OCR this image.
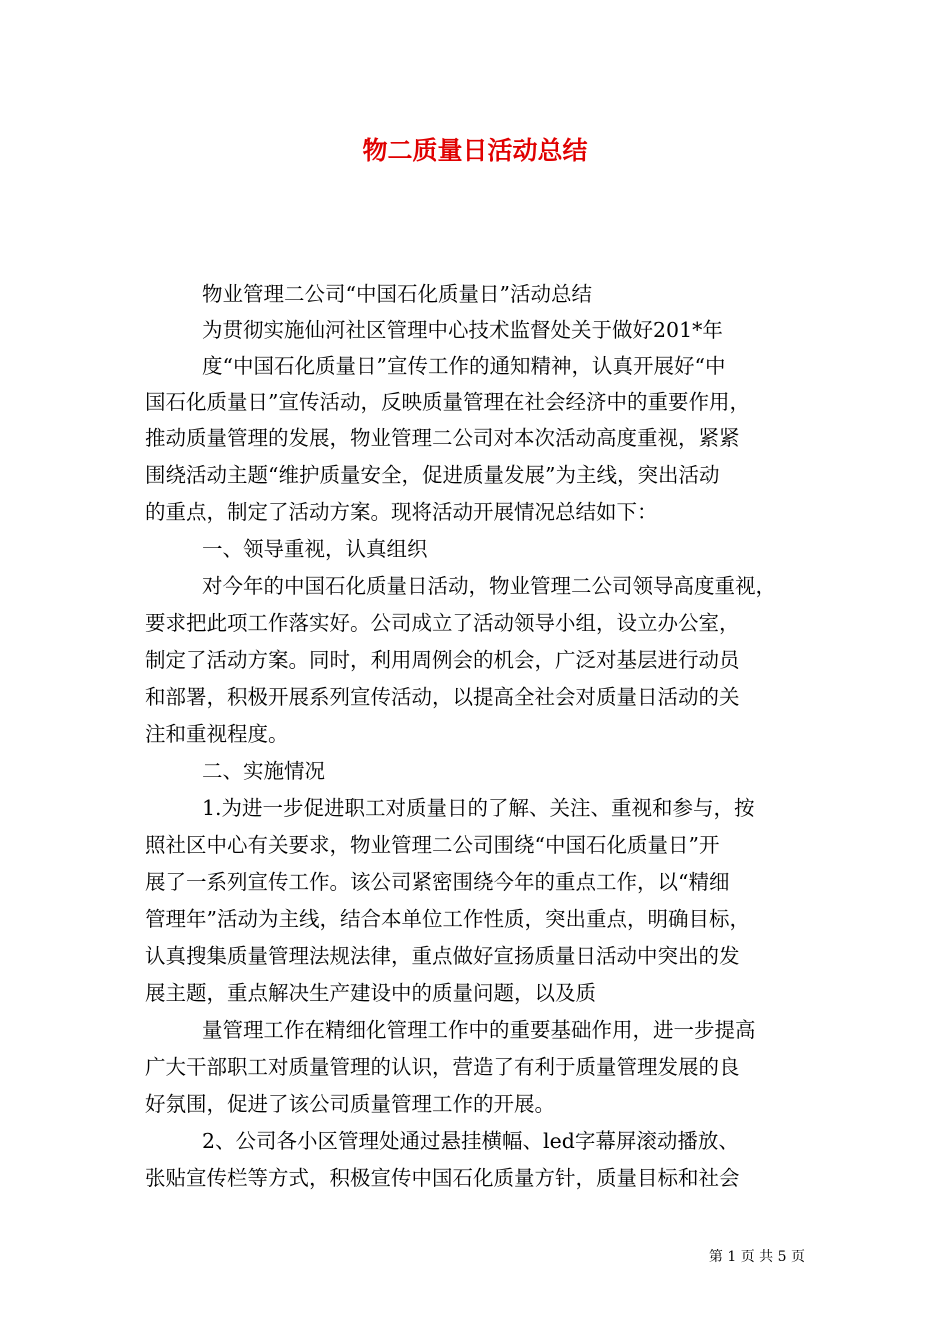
物二质量日活动总结
物业管理二公司“中国石化质量日”活动总结
为贯彻实施仙河社区管理中心技术监督处关于做好201*年
度“中国石化质量日”宣传工作的通知精神，认真开展好“中
国石化质量日”宣传活动，反映质量管理在社会经济中的重要作用，
推动质量管理的发展，物业管理二公司对本次活动高度重视，紧紧
围绕活动主题“维护质量安全，促进质量发展”为主线，突出活动
的重点，制定了活动方案。现将活动开展情况总结如下：
一、领导重视，认真组织
对今年的中国石化质量日活动，物业管理二公司领导高度重视，
要求把此项工作落实好。公司成立了活动领导小组，设立办公室，
制定了活动方案。同时，利用周例会的机会，广泛对基层进行动员
和部署，积极开展系列宣传活动，以提高全社会对质量日活动的关
注和重视程度。
二、实施情况
1.为进一步促进职工对质量日的了解、关注、重视和参与，按
照社区中心有关要求，物业管理二公司围绕“中国石化质量日”开
展了一系列宣传工作。该公司紧密围绕今年的重点工作，以“精细
管理年”活动为主线，结合本单位工作性质，突出重点，明确目标，
认真搜集质量管理法规法律，重点做好宣扬质量日活动中突出的发
展主题，重点解决生产建设中的质量问题，以及质
量管理工作在精细化管理工作中的重要基础作用，进一步提高
广大干部职工对质量管理的认识，营造了有利于质量管理发展的良
好氛围，促进了该公司质量管理工作的开展。
2、公司各小区管理处通过悬挂横幅、led字幕屏滚动播放、
张贴宣传栏等方式，积极宣传中国石化质量方针，质量目标和社会
第 1 页 共 5 页
